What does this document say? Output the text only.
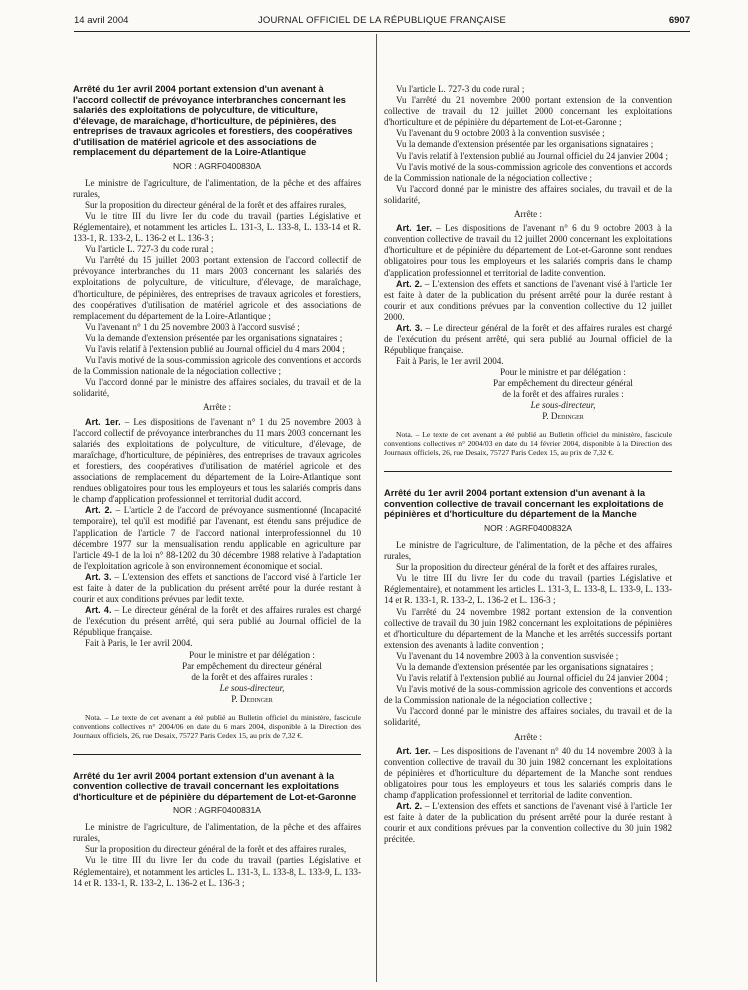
14 avril 2004	JOURNAL OFFICIEL DE LA RÉPUBLIQUE FRANÇAISE	6907
Arrêté du 1er avril 2004 portant extension d'un avenant à l'accord collectif de prévoyance interbranches concernant les salariés des exploitations de polyculture, de viticulture, d'élevage, de maraîchage, d'horticulture, de pépinières, des entreprises de travaux agricoles et forestiers, des coopératives d'utilisation de matériel agricole et des associations de remplacement du département de la Loire-Atlantique
NOR : AGRF0400830A

Le ministre de l'agriculture, de l'alimentation, de la pêche et des affaires rurales,

Sur la proposition du directeur général de la forêt et des affaires rurales,

Vu le titre III du livre Ier du code du travail (parties Législative et Réglementaire), et notamment les articles L. 131-3, L. 133-8, L. 133-14 et R. 133-1, R. 133-2, L. 136-2 et L. 136-3 ;

Vu l'article L. 727-3 du code rural ;

Vu l'arrêté du 15 juillet 2003 portant extension de l'accord collectif de prévoyance interbranches du 11 mars 2003 concernant les salariés des exploitations de polyculture, de viticulture, d'élevage, de maraîchage, d'horticulture, de pépinières, des entreprises de travaux agricoles et forestiers, des coopératives d'utilisation de matériel agricole et des associations de remplacement du département de la Loire-Atlantique ;

Vu l'avenant n° 1 du 25 novembre 2003 à l'accord susvisé ;

Vu la demande d'extension présentée par les organisations signataires ;

Vu l'avis relatif à l'extension publié au Journal officiel du 4 mars 2004 ;

Vu l'avis motivé de la sous-commission agricole des conventions et accords de la Commission nationale de la négociation collective ;

Vu l'accord donné par le ministre des affaires sociales, du travail et de la solidarité,

Arrête :

Art. 1er. – Les dispositions de l'avenant n° 1 du 25 novembre 2003 à l'accord collectif de prévoyance interbranches du 11 mars 2003 concernant les salariés des exploitations de polyculture, de viticulture, d'élevage, de maraîchage, d'horticulture, de pépinières, des entreprises de travaux agricoles et forestiers, des coopératives d'utilisation de matériel agricole et des associations de remplacement du département de la Loire-Atlantique sont rendues obligatoires pour tous les employeurs et tous les salariés compris dans le champ d'application professionnel et territorial dudit accord.

Art. 2. – L'article 2 de l'accord de prévoyance susmentionné (Incapacité temporaire), tel qu'il est modifié par l'avenant, est étendu sans préjudice de l'application de l'article 7 de l'accord national interprofessionnel du 10 décembre 1977 sur la mensualisation rendu applicable en agriculture par l'article 49-1 de la loi n° 88-1202 du 30 décembre 1988 relative à l'adaptation de l'exploitation agricole à son environnement économique et social.

Art. 3. – L'extension des effets et sanctions de l'accord visé à l'article 1er est faite à dater de la publication du présent arrêté pour la durée restant à courir et aux conditions prévues par ledit texte.

Art. 4. – Le directeur général de la forêt et des affaires rurales est chargé de l'exécution du présent arrêté, qui sera publié au Journal officiel de la République française.

Fait à Paris, le 1er avril 2004.

Pour le ministre et par délégation :
Par empêchement du directeur général
de la forêt et des affaires rurales :
Le sous-directeur,
P. Dedinger

Nota. – Le texte de cet avenant a été publié au Bulletin officiel du ministère, fascicule conventions collectives n° 2004/06 en date du 6 mars 2004, disponible à la Direction des Journaux officiels, 26, rue Desaix, 75727 Paris Cedex 15, au prix de 7,32 €.

Arrêté du 1er avril 2004 portant extension d'un avenant à la convention collective de travail concernant les exploitations d'horticulture et de pépinière du département de Lot-et-Garonne
NOR : AGRF0400831A

Le ministre de l'agriculture, de l'alimentation, de la pêche et des affaires rurales,

Sur la proposition du directeur général de la forêt et des affaires rurales,

Vu le titre III du livre Ier du code du travail (parties Législative et Réglementaire), et notamment les articles L. 131-3, L. 133-8, L. 133-9, L. 133-14 et R. 133-1, R. 133-2, L. 136-2 et L. 136-3 ;

Vu l'article L. 727-3 du code rural ;

Vu l'arrêté du 21 novembre 2000 portant extension de la convention collective de travail du 12 juillet 2000 concernant les exploitations d'horticulture et de pépinière du département de Lot-et-Garonne ;

Vu l'avenant du 9 octobre 2003 à la convention susvisée ;

Vu la demande d'extension présentée par les organisations signataires ;

Vu l'avis relatif à l'extension publié au Journal officiel du 24 janvier 2004 ;

Vu l'avis motivé de la sous-commission agricole des conventions et accords de la Commission nationale de la négociation collective ;

Vu l'accord donné par le ministre des affaires sociales, du travail et de la solidarité,

Arrête :

Art. 1er. – Les dispositions de l'avenant n° 6 du 9 octobre 2003 à la convention collective de travail du 12 juillet 2000 concernant les exploitations d'horticulture et de pépinière du département de Lot-et-Garonne sont rendues obligatoires pour tous les employeurs et les salariés compris dans le champ d'application professionnel et territorial de ladite convention.

Art. 2. – L'extension des effets et sanctions de l'avenant visé à l'article 1er est faite à dater de la publication du présent arrêté pour la durée restant à courir et aux conditions prévues par la convention collective du 12 juillet 2000.

Art. 3. – Le directeur général de la forêt et des affaires rurales est chargé de l'exécution du présent arrêté, qui sera publié au Journal officiel de la République française.

Fait à Paris, le 1er avril 2004.

Pour le ministre et par délégation :
Par empêchement du directeur général
de la forêt et des affaires rurales :
Le sous-directeur,
P. Dedinger

Nota. – Le texte de cet avenant a été publié au Bulletin officiel du ministère, fascicule conventions collectives n° 2004/03 en date du 14 février 2004, disponible à la Direction des Journaux officiels, 26, rue Desaix, 75727 Paris Cedex 15, au prix de 7,32 €.

Arrêté du 1er avril 2004 portant extension d'un avenant à la convention collective de travail concernant les exploitations de pépinières et d'horticulture du département de la Manche
NOR : AGRF0400832A

Le ministre de l'agriculture, de l'alimentation, de la pêche et des affaires rurales,

Sur la proposition du directeur général de la forêt et des affaires rurales,

Vu le titre III du livre Ier du code du travail (parties Législative et Réglementaire), et notamment les articles L. 131-3, L. 133-8, L. 133-9, L. 133-14 et R. 133-1, R. 133-2, L. 136-2 et L. 136-3 ;

Vu l'arrêté du 24 novembre 1982 portant extension de la convention collective de travail du 30 juin 1982 concernant les exploitations de pépinières et d'horticulture du département de la Manche et les arrêtés successifs portant extension des avenants à ladite convention ;

Vu l'avenant du 14 novembre 2003 à la convention susvisée ;

Vu la demande d'extension présentée par les organisations signataires ;

Vu l'avis relatif à l'extension publié au Journal officiel du 24 janvier 2004 ;

Vu l'avis motivé de la sous-commission agricole des conventions et accords de la Commission nationale de la négociation collective ;

Vu l'accord donné par le ministre des affaires sociales, du travail et de la solidarité,

Arrête :

Art. 1er. – Les dispositions de l'avenant n° 40 du 14 novembre 2003 à la convention collective de travail du 30 juin 1982 concernant les exploitations de pépinières et d'horticulture du département de la Manche sont rendues obligatoires pour tous les employeurs et tous les salariés compris dans le champ d'application professionnel et territorial de ladite convention.

Art. 2. – L'extension des effets et sanctions de l'avenant visé à l'article 1er est faite à dater de la publication du présent arrêté pour la durée restant à courir et aux conditions prévues par la convention collective du 30 juin 1982 précitée.
